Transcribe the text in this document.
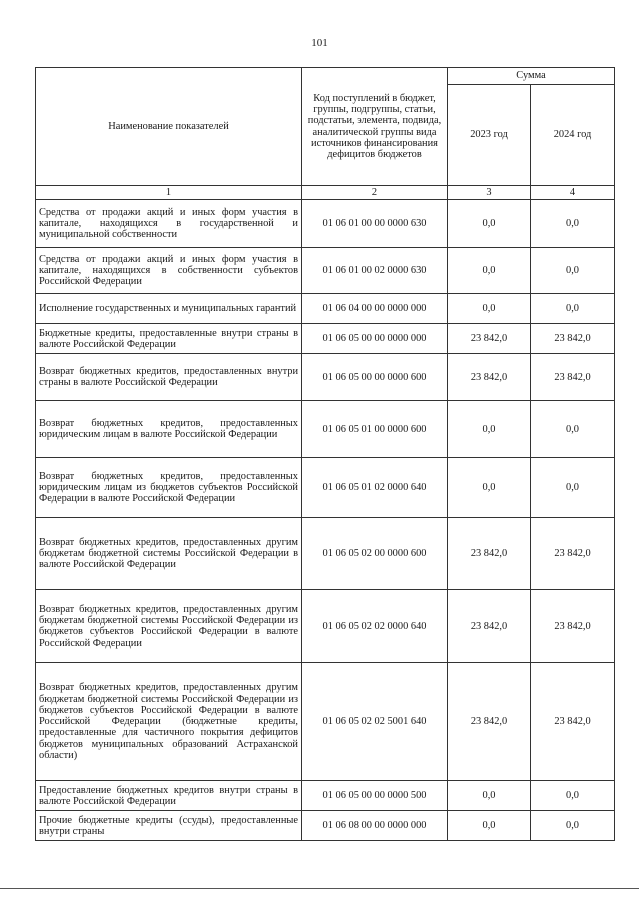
101
Наименование показателей	Код поступлений в бюджет, группы, подгруппы, статьи, подстатьи, элемента, подвида, аналитической группы вида источников финансирования дефицитов бюджетов	Сумма	
		2023 год	2024 год
1	2	3	4
Средства от продажи акций и иных форм участия в капитале, находящихся в государственной и муниципальной собственности	01 06 01 00 00 0000 630	0,0	0,0
Средства от продажи акций и иных форм участия в капитале, находящихся в собственности субъектов Российской Федерации	01 06 01 00 02 0000 630	0,0	0,0
Исполнение государственных и муниципальных гарантий	01 06 04 00 00 0000 000	0,0	0,0
Бюджетные кредиты, предоставленные внутри страны в валюте Российской Федерации	01 06 05 00 00 0000 000	23 842,0	23 842,0
Возврат бюджетных кредитов, предоставленных внутри страны в валюте Российской Федерации	01 06 05 00 00 0000 600	23 842,0	23 842,0
Возврат бюджетных кредитов, предоставленных юридическим лицам в валюте Российской Федерации	01 06 05 01 00 0000 600	0,0	0,0
Возврат бюджетных кредитов, предоставленных юридическим лицам из бюджетов субъектов Российской Федерации в валюте Российской Федерации	01 06 05 01 02 0000 640	0,0	0,0
Возврат бюджетных кредитов, предоставленных другим бюджетам бюджетной системы Российской Федерации в валюте Российской Федерации	01 06 05 02 00 0000 600	23 842,0	23 842,0
Возврат бюджетных кредитов, предоставленных другим бюджетам бюджетной системы Российской Федерации из бюджетов субъектов Российской Федерации в валюте Российской Федерации	01 06 05 02 02 0000 640	23 842,0	23 842,0
Возврат бюджетных кредитов, предоставленных другим бюджетам бюджетной системы Российской Федерации из бюджетов субъектов Российской Федерации в валюте Российской Федерации (бюджетные кредиты, предоставленные для частичного покрытия дефицитов бюджетов муниципальных образований Астраханской области)	01 06 05 02 02 5001 640	23 842,0	23 842,0
Предоставление бюджетных кредитов внутри страны в валюте Российской Федерации	01 06 05 00 00 0000 500	0,0	0,0
Прочие бюджетные кредиты (ссуды), предоставленные внутри страны	01 06 08 00 00 0000 000	0,0	0,0
